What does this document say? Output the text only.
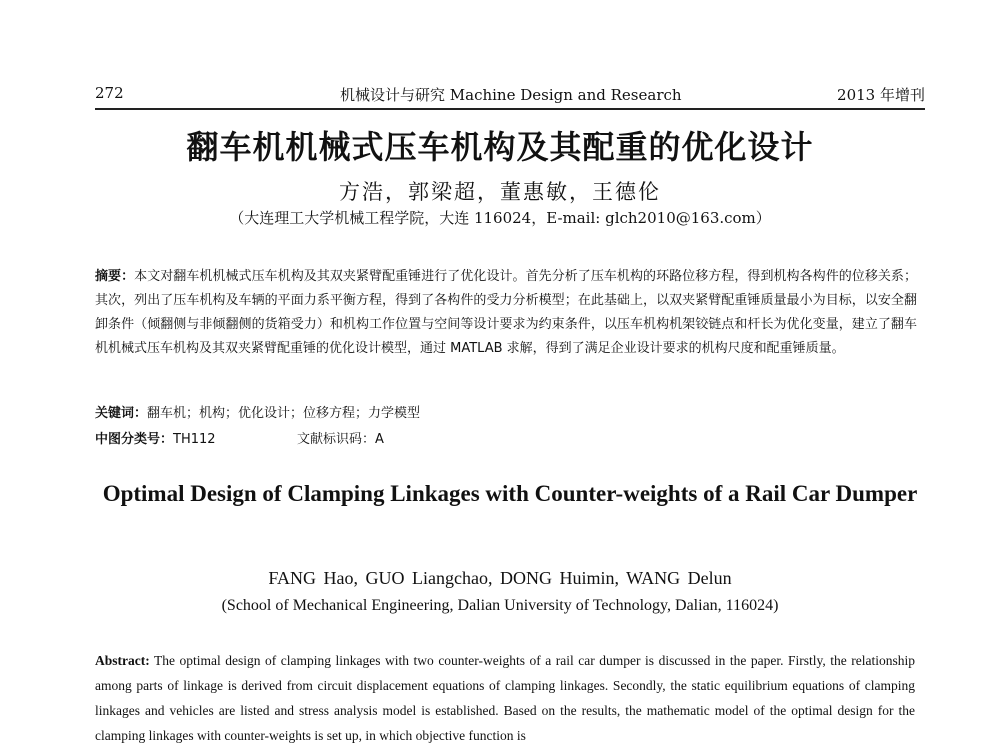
272	机械设计与研究 Machine Design and Research	2013 年增刊
翻车机机械式压车机构及其配重的优化设计
方浩，郭梁超，董惠敏，王德伦
（大连理工大学机械工程学院，大连 116024，E-mail: glch2010@163.com）

摘要：本文对翻车机机械式压车机构及其双夹紧臂配重锤进行了优化设计。首先分析了压车机构的环路位移方程，得到机构各构件的位移关系；其次，列出了压车机构及车辆的平面力系平衡方程，得到了各构件的受力分析模型；在此基础上，以双夹紧臂配重锤质量最小为目标，以安全翻卸条件（倾翻侧与非倾翻侧的货箱受力）和机构工作位置与空间等设计要求为约束条件，以压车机构机架铰链点和杆长为优化变量，建立了翻车机机械式压车机构及其双夹紧臂配重锤的优化设计模型，通过 MATLAB 求解，得到了满足企业设计要求的机构尺度和配重锤质量。

关键词：翻车机；机构；优化设计；位移方程；力学模型
中图分类号：TH112	文献标识码：A

Optimal Design of Clamping Linkages with Counter-weights of a Rail Car Dumper

FANG Hao, GUO Liangchao, DONG Huimin, WANG Delun
(School of Mechanical Engineering, Dalian University of Technology, Dalian, 116024)

Abstract: The optimal design of clamping linkages with two counter-weights of a rail car dumper is discussed in the paper. Firstly, the relationship among parts of linkage is derived from circuit displacement equations of clamping linkages. Secondly, the static equilibrium equations of clamping linkages and vehicles are listed and stress analysis model is established. Based on the results, the mathematic model of the optimal design for the clamping linkages with counter-weights is set up, in which objective function is
